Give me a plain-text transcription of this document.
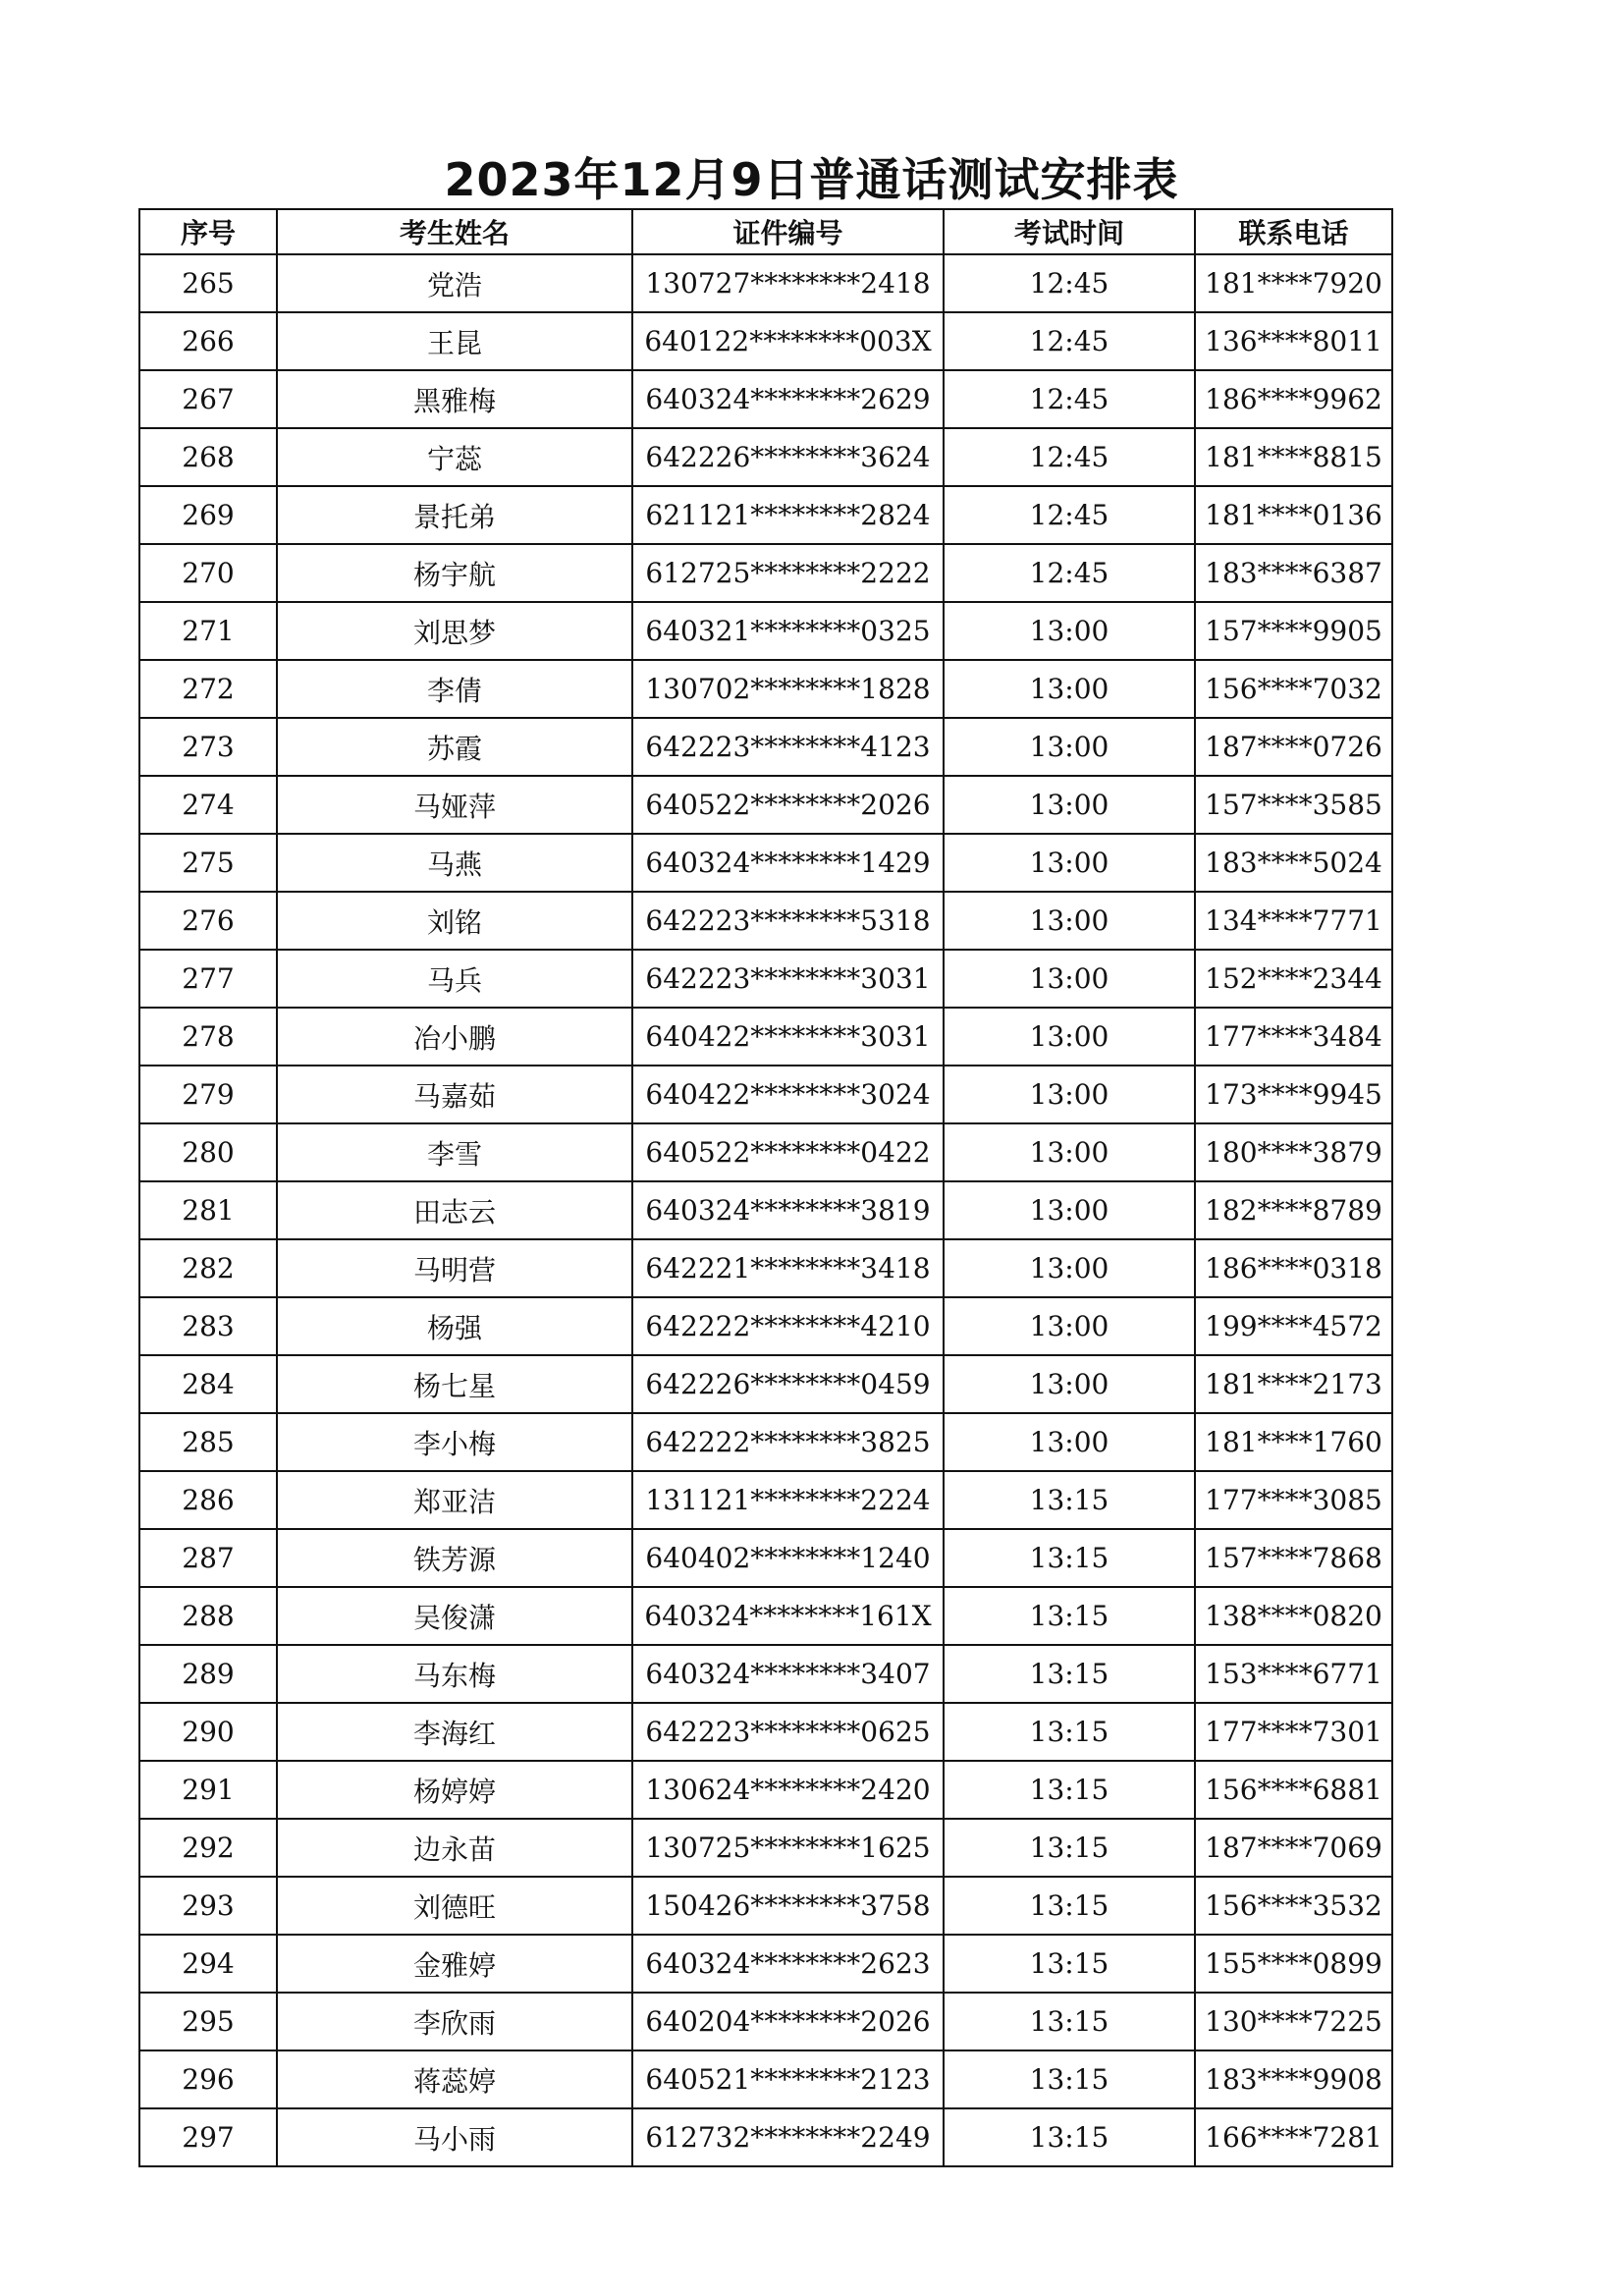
2023年12月9日普通话测试安排表
序号	考生姓名	证件编号	考试时间	联系电话
265	党浩	130727********2418	12:45	181****7920
266	王昆	640122********003X	12:45	136****8011
267	黑雅梅	640324********2629	12:45	186****9962
268	宁蕊	642226********3624	12:45	181****8815
269	景托弟	621121********2824	12:45	181****0136
270	杨宇航	612725********2222	12:45	183****6387
271	刘思梦	640321********0325	13:00	157****9905
272	李倩	130702********1828	13:00	156****7032
273	苏霞	642223********4123	13:00	187****0726
274	马娅萍	640522********2026	13:00	157****3585
275	马燕	640324********1429	13:00	183****5024
276	刘铭	642223********5318	13:00	134****7771
277	马兵	642223********3031	13:00	152****2344
278	冶小鹏	640422********3031	13:00	177****3484
279	马嘉茹	640422********3024	13:00	173****9945
280	李雪	640522********0422	13:00	180****3879
281	田志云	640324********3819	13:00	182****8789
282	马明营	642221********3418	13:00	186****0318
283	杨强	642222********4210	13:00	199****4572
284	杨七星	642226********0459	13:00	181****2173
285	李小梅	642222********3825	13:00	181****1760
286	郑亚洁	131121********2224	13:15	177****3085
287	铁芳源	640402********1240	13:15	157****7868
288	吴俊潇	640324********161X	13:15	138****0820
289	马东梅	640324********3407	13:15	153****6771
290	李海红	642223********0625	13:15	177****7301
291	杨婷婷	130624********2420	13:15	156****6881
292	边永苗	130725********1625	13:15	187****7069
293	刘德旺	150426********3758	13:15	156****3532
294	金雅婷	640324********2623	13:15	155****0899
295	李欣雨	640204********2026	13:15	130****7225
296	蒋蕊婷	640521********2123	13:15	183****9908
297	马小雨	612732********2249	13:15	166****7281
